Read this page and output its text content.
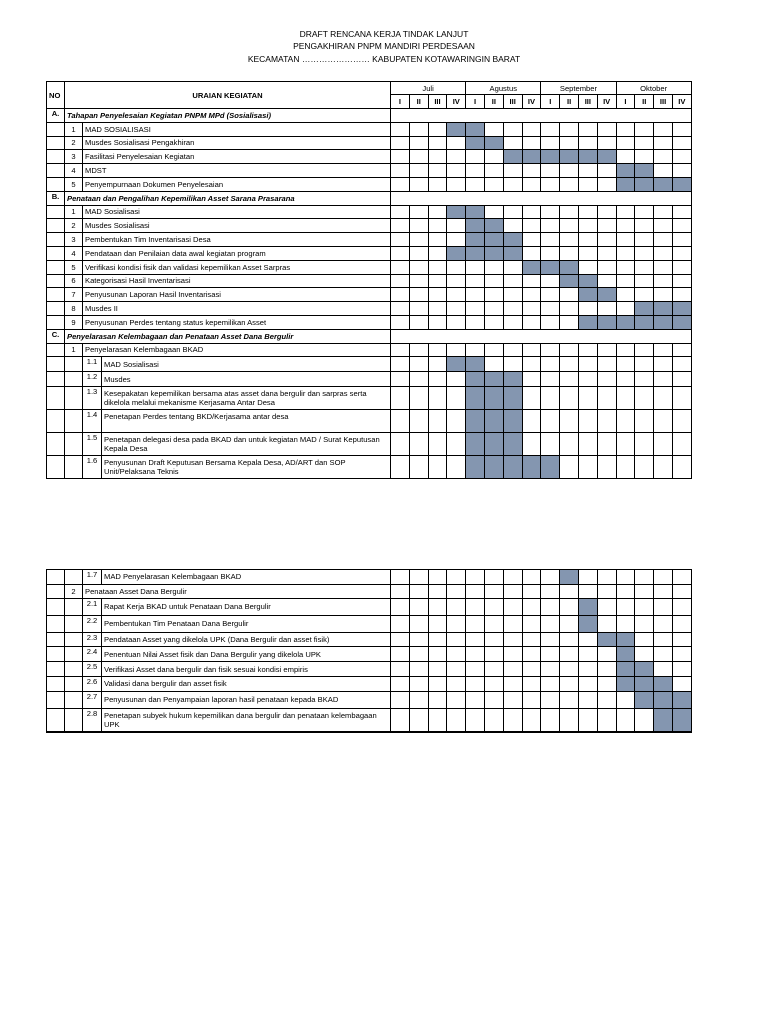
DRAFT RENCANA KERJA TINDAK LANJUT
PENGAKHIRAN PNPM MANDIRI PERDESAAN
KECAMATAN …………………… KABUPATEN KOTAWARINGIN BARAT
NO	URAIAN KEGIATAN		Juli				Agustus				September				Oktober			
			I	II	III	IV	I	II	III	IV	I	II	III	IV	I	II	III	IV
A.	Tahapan Penyelesaian Kegiatan PNPM MPd (Sosialisasi)																	
	1	MAD SOSIALISASI																
	2	Musdes Sosialisasi Pengakhiran																
	3	Fasilitasi Penyelesaian Kegiatan																
	4	MDST																
	5	Penyempurnaan Dokumen Penyelesaian																
B.	Penataan dan Pengalihan Kepemilikan Asset Sarana Prasarana																	
	1	MAD Sosialisasi																
	2	Musdes Sosialisasi																
	3	Pembentukan Tim Inventarisasi Desa																
	4	Pendataan dan Penilaian data awal kegiatan program																
	5	Verifikasi kondisi fisik dan validasi kepemilikan Asset Sarpras																
	6	Kategorisasi Hasil Inventarisasi																
	7	Penyusunan Laporan Hasil Inventarisasi																
	8	Musdes II																
	9	Penyusunan Perdes tentang status kepemilikan Asset																
C.	Penyelarasan Kelembagaan dan Penataan Asset Dana Bergulir																	
	1	Penyelarasan Kelembagaan BKAD																

		1.1 MAD Sosialisasi																

		1.2 Musdes																

		1.3 Kesepakatan kepemilikan bersama atas asset dana bergulir dan sarpras serta dikelola melalui mekanisme Kerjasama Antar Desa																

		1.4 Penetapan Perdes tentang BKD/Kerjasama antar desa																

		1.5 Penetapan delegasi desa pada BKAD dan untuk kegiatan MAD / Surat Keputusan Kepala Desa																

		1.6 Penyusunan Draft Keputusan Bersama Kepala Desa, AD/ART dan SOP Unit/Pelaksana Teknis																

		1.7 MAD Penyelarasan Kelembagaan BKAD																

	2	Penataan Asset Dana Bergulir																

		2.1 Rapat Kerja BKAD untuk Penataan Dana Bergulir																

		2.2 Pembentukan Tim Penataan Dana Bergulir																

		2.3 Pendataan Asset yang dikelola UPK (Dana Bergulir dan asset fisik)																

		2.4 Penentuan Nilai Asset fisik dan Dana Bergulir yang dikelola UPK																

		2.5 Verifikasi Asset dana bergulir dan fisik sesuai kondisi empiris																

		2.6 Validasi dana bergulir dan asset fisik																

		2.7 Penyusunan dan Penyampaian laporan hasil penataan kepada BKAD																

		2.8 Penetapan subyek hukum kepemilikan dana bergulir dan penataan kelembagaan UPK																
